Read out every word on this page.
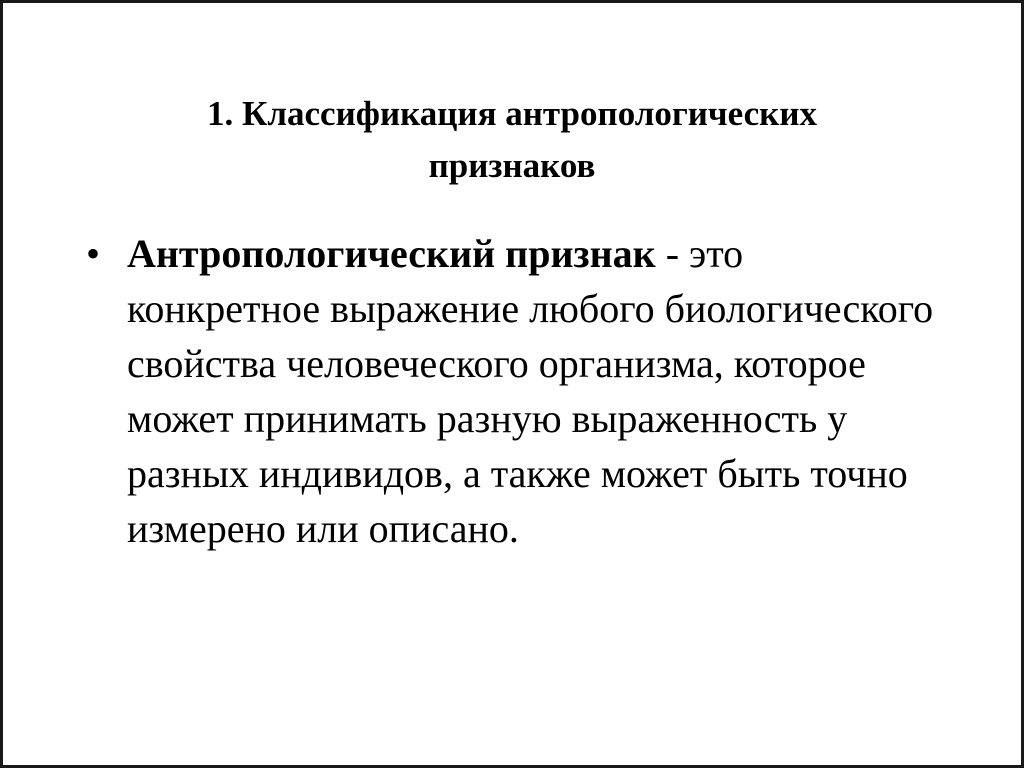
1. Классификация антропологических
признаков
• Антропологический признак - это конкретное выражение любого биологического свойства человеческого организма, которое может принимать разную выраженность у разных индивидов, а также может быть точно измерено или описано.
